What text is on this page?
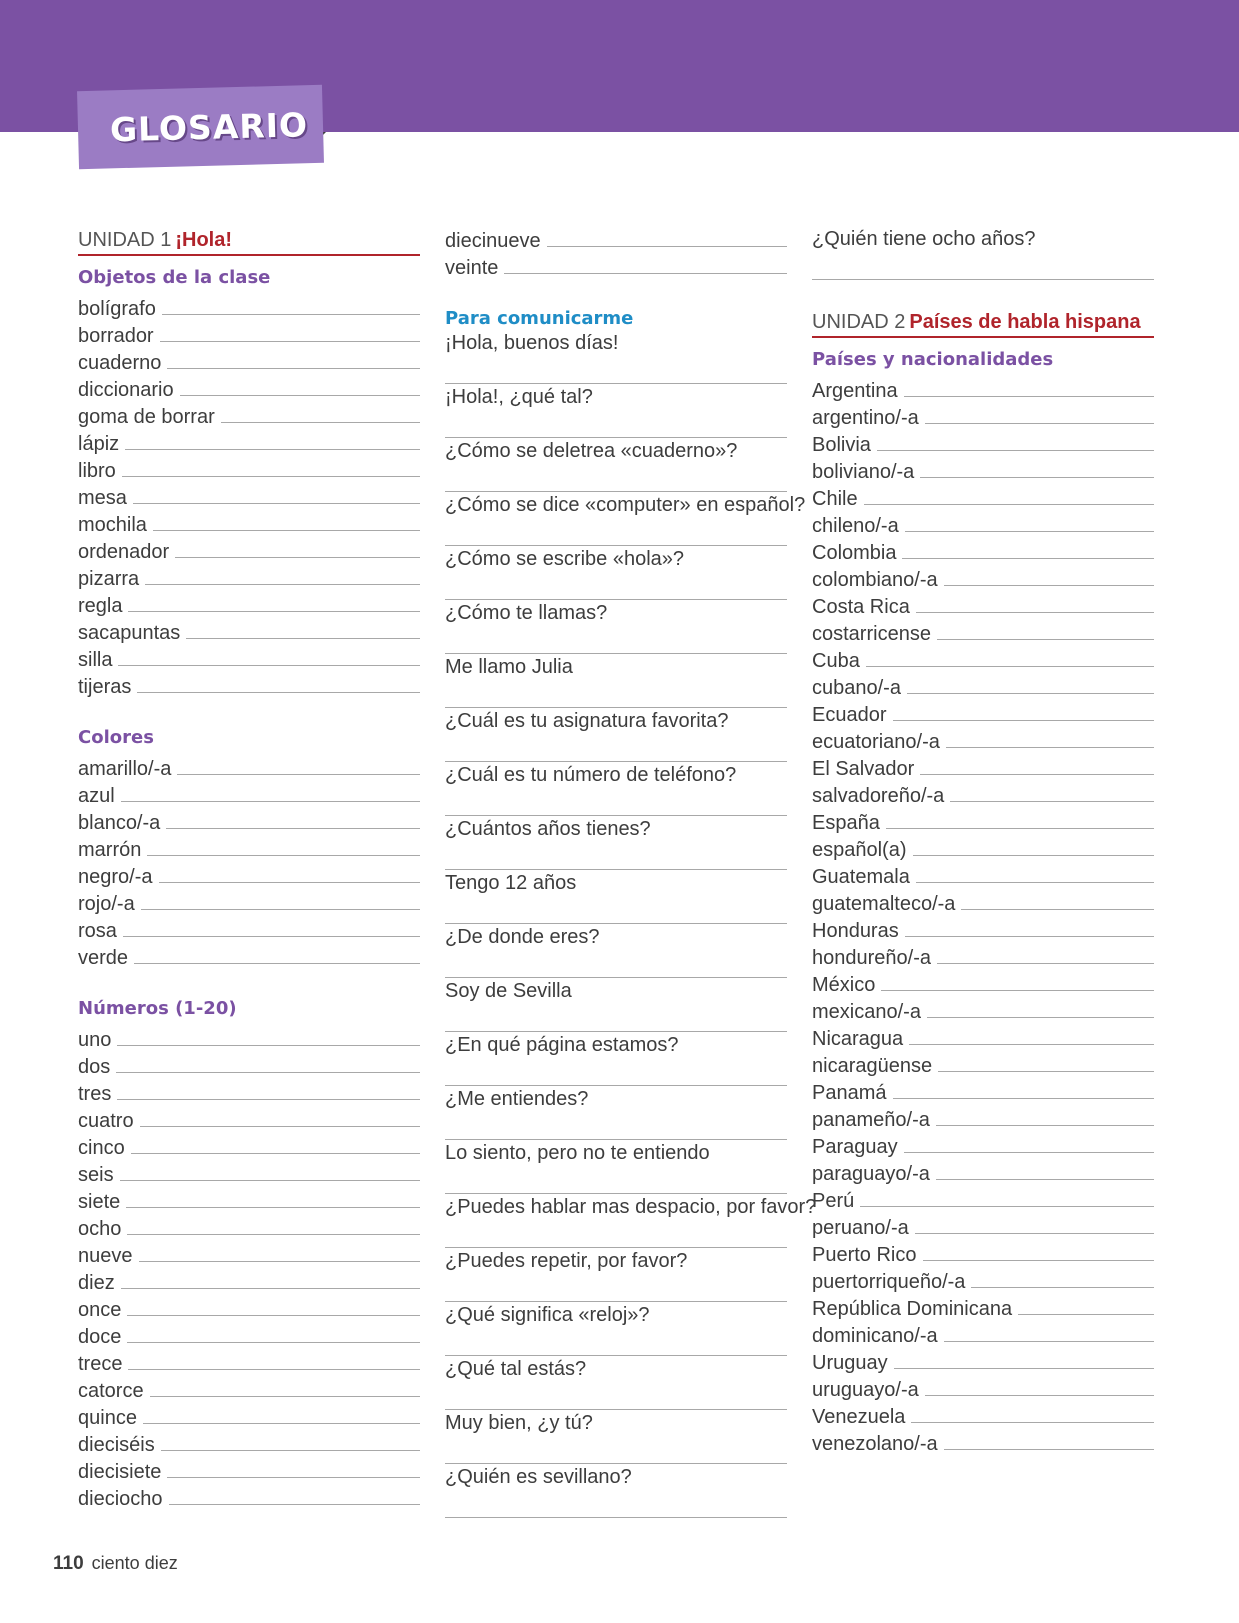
GLOSARIO
UNIDAD 1 ¡Hola!
Objetos de la clase
bolígrafo
borrador
cuaderno
diccionario
goma de borrar
lápiz
libro
mesa
mochila
ordenador
pizarra
regla
sacapuntas
silla
tijeras
Colores
amarillo/-a
azul
blanco/-a
marrón
negro/-a
rojo/-a
rosa
verde
Números (1-20)
uno
dos
tres
cuatro
cinco
seis
siete
ocho
nueve
diez
once
doce
trece
catorce
quince
dieciséis
diecisiete
dieciocho
diecinueve
veinte
Para comunicarme
¡Hola, buenos días!
¡Hola!, ¿qué tal?
¿Cómo se deletrea «cuaderno»?
¿Cómo se dice «computer» en español?
¿Cómo se escribe «hola»?
¿Cómo te llamas?
Me llamo Julia
¿Cuál es tu asignatura favorita?
¿Cuál es tu número de teléfono?
¿Cuántos años tienes?
Tengo 12 años
¿De donde eres?
Soy de Sevilla
¿En qué página estamos?
¿Me entiendes?
Lo siento, pero no te entiendo
¿Puedes hablar mas despacio, por favor?
¿Puedes repetir, por favor?
¿Qué significa «reloj»?
¿Qué tal estás?
Muy bien, ¿y tú?
¿Quién es sevillano?
¿Quién tiene ocho años?
UNIDAD 2 Países de habla hispana
Países y nacionalidades
Argentina
argentino/-a
Bolivia
boliviano/-a
Chile
chileno/-a
Colombia
colombiano/-a
Costa Rica
costarricense
Cuba
cubano/-a
Ecuador
ecuatoriano/-a
El Salvador
salvadoreño/-a
España
español(a)
Guatemala
guatemalteco/-a
Honduras
hondureño/-a
México
mexicano/-a
Nicaragua
nicaragüense
Panamá
panameño/-a
Paraguay
paraguayo/-a
Perú
peruano/-a
Puerto Rico
puertorriqueño/-a
República Dominicana
dominicano/-a
Uruguay
uruguayo/-a
Venezuela
venezolano/-a
110 ciento diez
